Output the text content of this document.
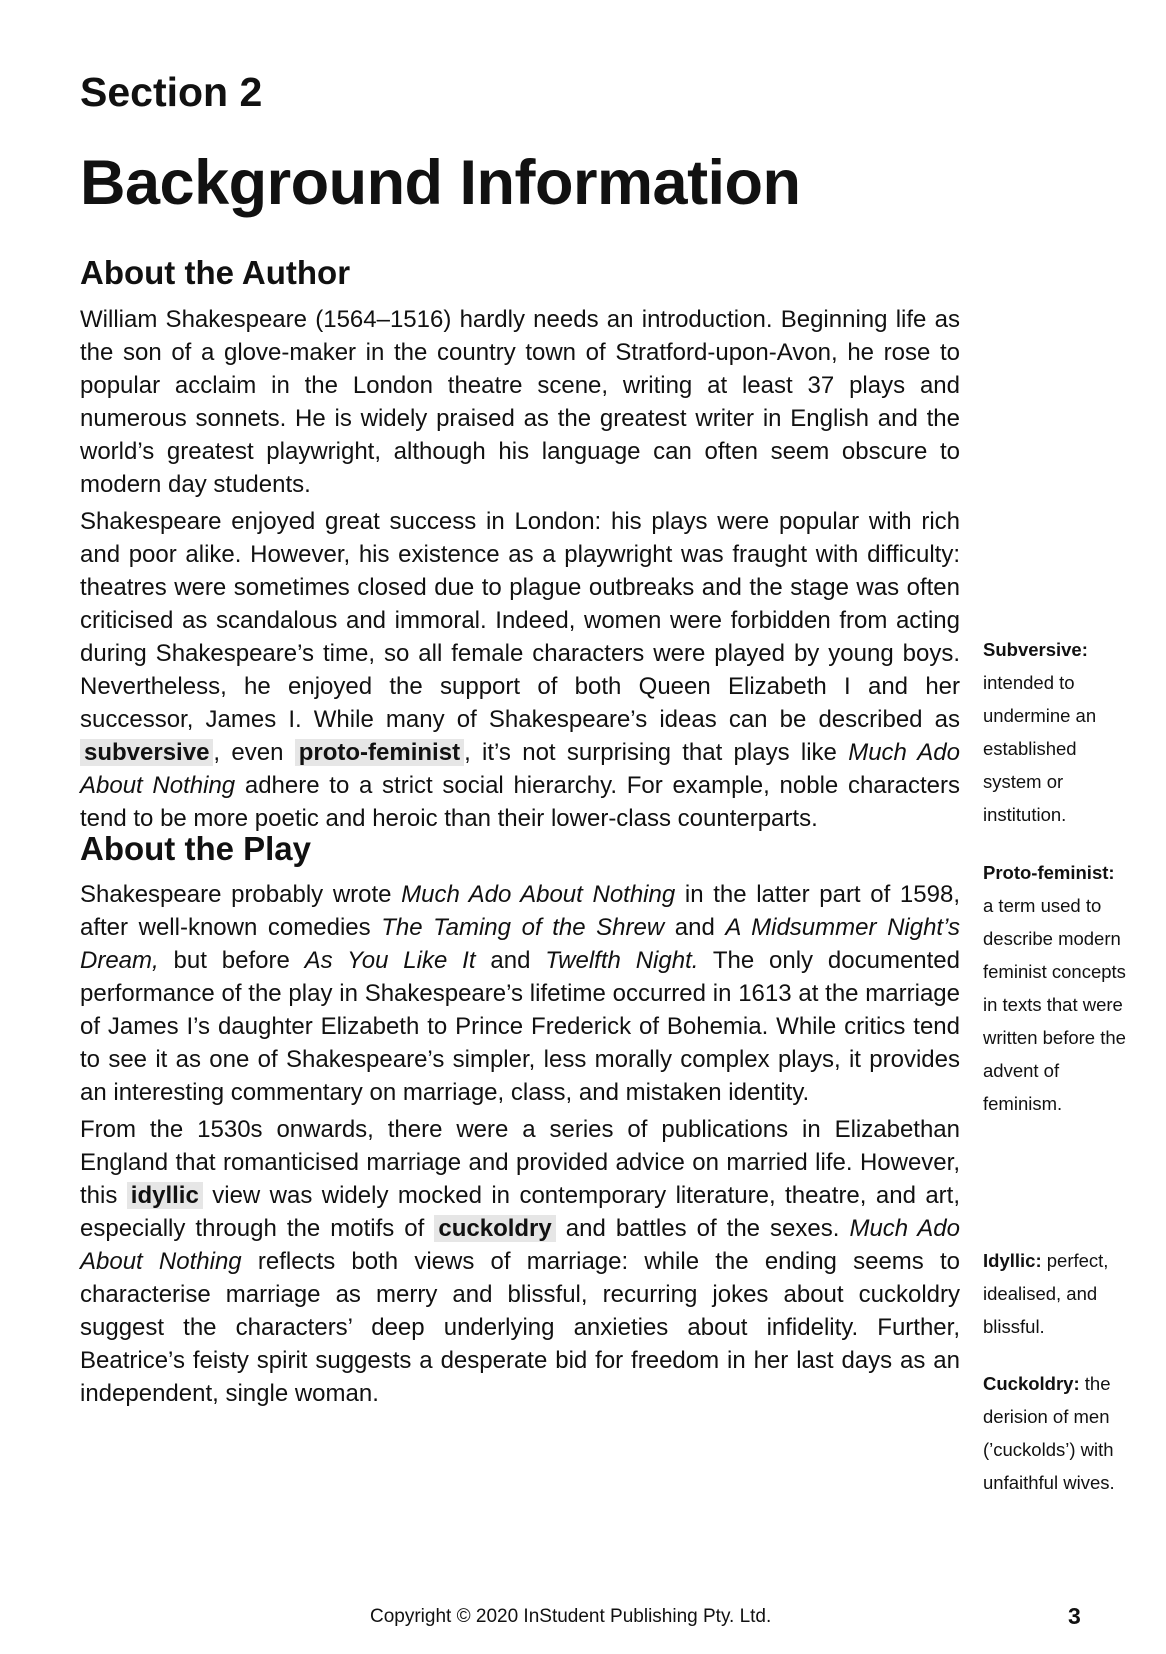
Section 2
Background Information
About the Author

William Shakespeare (1564–1516) hardly needs an introduction. Beginning life as the son of a glove-maker in the country town of Stratford-upon-Avon, he rose to popular acclaim in the London theatre scene, writing at least 37 plays and numerous sonnets. He is widely praised as the greatest writer in English and the world’s greatest playwright, although his language can often seem obscure to modern day students.

Shakespeare enjoyed great success in London: his plays were popular with rich and poor alike. However, his existence as a playwright was fraught with difficulty: theatres were sometimes closed due to plague outbreaks and the stage was often criticised as scandalous and immoral. Indeed, women were forbidden from acting during Shakespeare’s time, so all female characters were played by young boys. Nevertheless, he enjoyed the support of both Queen Elizabeth I and her successor, James I. While many of Shakespeare’s ideas can be described as subversive , even proto-feminist , it’s not surprising that plays like Much Ado About Nothing adhere to a strict social hierarchy. For example, noble characters tend to be more poetic and heroic than their lower-class counterparts.

About the Play

Shakespeare probably wrote Much Ado About Nothing in the latter part of 1598, after well-known comedies The Taming of the Shrew and A Midsummer Night’s Dream, but before As You Like It and Twelfth Night. The only documented performance of the play in Shakespeare’s lifetime occurred in 1613 at the marriage of James I’s daughter Elizabeth to Prince Frederick of Bohemia. While critics tend to see it as one of Shakespeare’s simpler, less morally complex plays, it provides an interesting commentary on marriage, class, and mistaken identity.

From the 1530s onwards, there were a series of publications in Elizabethan England that romanticised marriage and provided advice on married life. However, this idyllic view was widely mocked in contemporary literature, theatre, and art, especially through the motifs of cuckoldry and battles of the sexes. Much Ado About Nothing reflects both views of marriage: while the ending seems to characterise marriage as merry and blissful, recurring jokes about cuckoldry suggest the characters’ deep underlying anxieties about infidelity. Further, Beatrice’s feisty spirit suggests a desperate bid for freedom in her last days as an independent, single woman.

Subversive:
intended to undermine an established system or institution.
Proto-feminist:
a term used to describe modern feminist concepts in texts that were written before the advent of feminism.
Idyllic: perfect, idealised, and blissful.
Cuckoldry: the derision of men (’cuckolds’) with unfaithful wives.
Copyright © 2020 InStudent Publishing Pty. Ltd.	3
